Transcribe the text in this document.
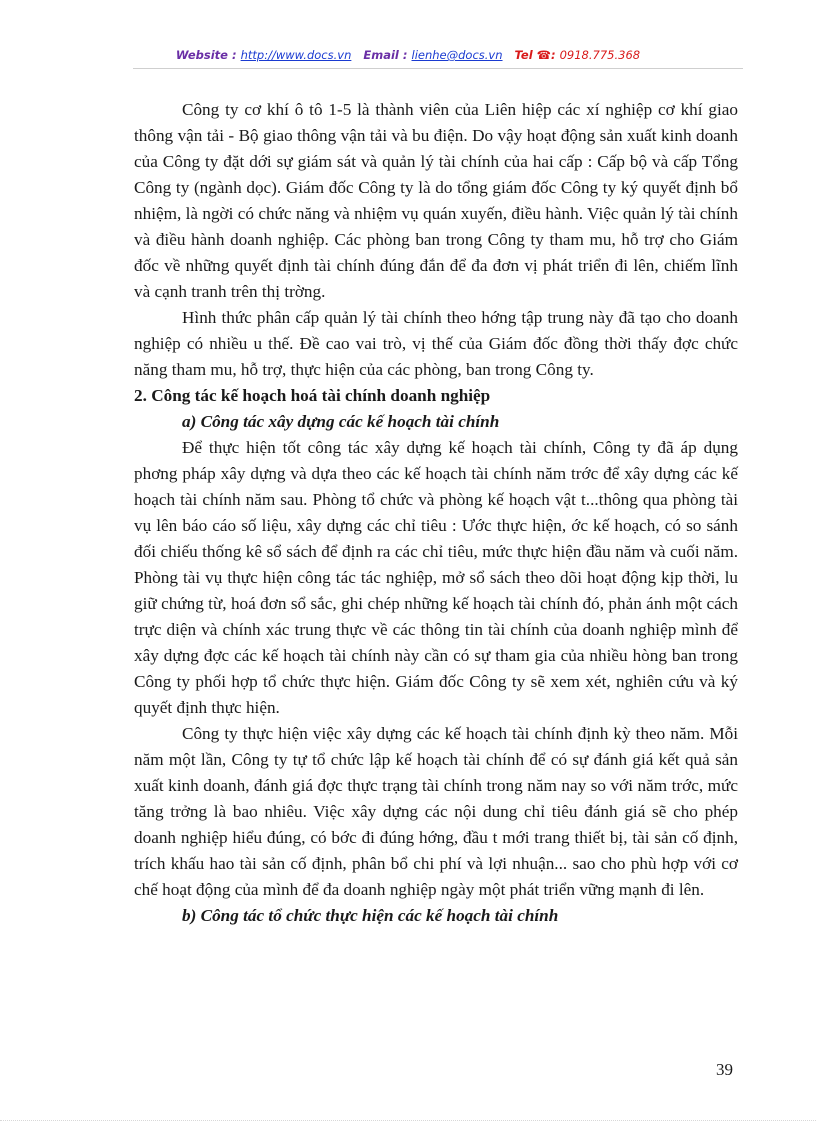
Website : http://www.docs.vn Email : lienhe@docs.vn Tel ☎: 0918.775.368

Công ty cơ khí ô tô 1-5 là thành viên của Liên hiệp các xí nghiệp cơ khí giao thông vận tải - Bộ giao thông vận tải và bu điện. Do vậy hoạt động sản xuất kinh doanh của Công ty đặt dới sự giám sát và quản lý tài chính của hai cấp : Cấp bộ và cấp Tổng Công ty (ngành dọc). Giám đốc Công ty là do tổng giám đốc Công ty ký quyết định bổ nhiệm, là ngời có chức năng và nhiệm vụ quán xuyến, điều hành. Việc quản lý tài chính và điều hành doanh nghiệp. Các phòng ban trong Công ty tham mu, hỗ trợ cho Giám đốc về những quyết định tài chính đúng đắn để đa đơn vị phát triển đi lên, chiếm lĩnh và cạnh tranh trên thị trờng.

Hình thức phân cấp quản lý tài chính theo hớng tập trung này đã tạo cho doanh nghiệp có nhiều u thế. Đề cao vai trò, vị thế của Giám đốc đồng thời thấy đợc chức năng tham mu, hỗ trợ, thực hiện của các phòng, ban trong Công ty.

2. Công tác kế hoạch hoá tài chính doanh nghiệp
a) Công tác xây dựng các kế hoạch tài chính

Để thực hiện tốt công tác xây dựng kế hoạch tài chính, Công ty đã áp dụng phơng pháp xây dựng và dựa theo các kế hoạch tài chính năm trớc để xây dựng các kế hoạch tài chính năm sau. Phòng tổ chức và phòng kế hoạch vật t...thông qua phòng tài vụ lên báo cáo số liệu, xây dựng các chỉ tiêu : Ước thực hiện, ớc kế hoạch, có so sánh đối chiếu thống kê sổ sách để định ra các chỉ tiêu, mức thực hiện đầu năm và cuối năm. Phòng tài vụ thực hiện công tác tác nghiệp, mở sổ sách theo dõi hoạt động kịp thời, lu giữ chứng từ, hoá đơn sổ sắc, ghi chép những kế hoạch tài chính đó, phản ánh một cách trực diện và chính xác trung thực về các thông tin tài chính của doanh nghiệp mình để xây dựng đợc các kế hoạch tài chính này cần có sự tham gia của nhiều hòng ban trong Công ty phối hợp tổ chức thực hiện. Giám đốc Công ty sẽ xem xét, nghiên cứu và ký quyết định thực hiện.

Công ty thực hiện việc xây dựng các kế hoạch tài chính định kỳ theo năm. Mỗi năm một lần, Công ty tự tổ chức lập kế hoạch tài chính để có sự đánh giá kết quả sản xuất kinh doanh, đánh giá đợc thực trạng tài chính trong năm nay so với năm trớc, mức tăng trởng là bao nhiêu. Việc xây dựng các nội dung chỉ tiêu đánh giá sẽ cho phép doanh nghiệp hiểu đúng, có bớc đi đúng hớng, đầu t mới trang thiết bị, tài sản cố định, trích khấu hao tài sản cố định, phân bổ chi phí và lợi nhuận... sao cho phù hợp với cơ chế hoạt động của mình để đa doanh nghiệp ngày một phát triển vững mạnh đi lên.

b) Công tác tổ chức thực hiện các kế hoạch tài chính
39
